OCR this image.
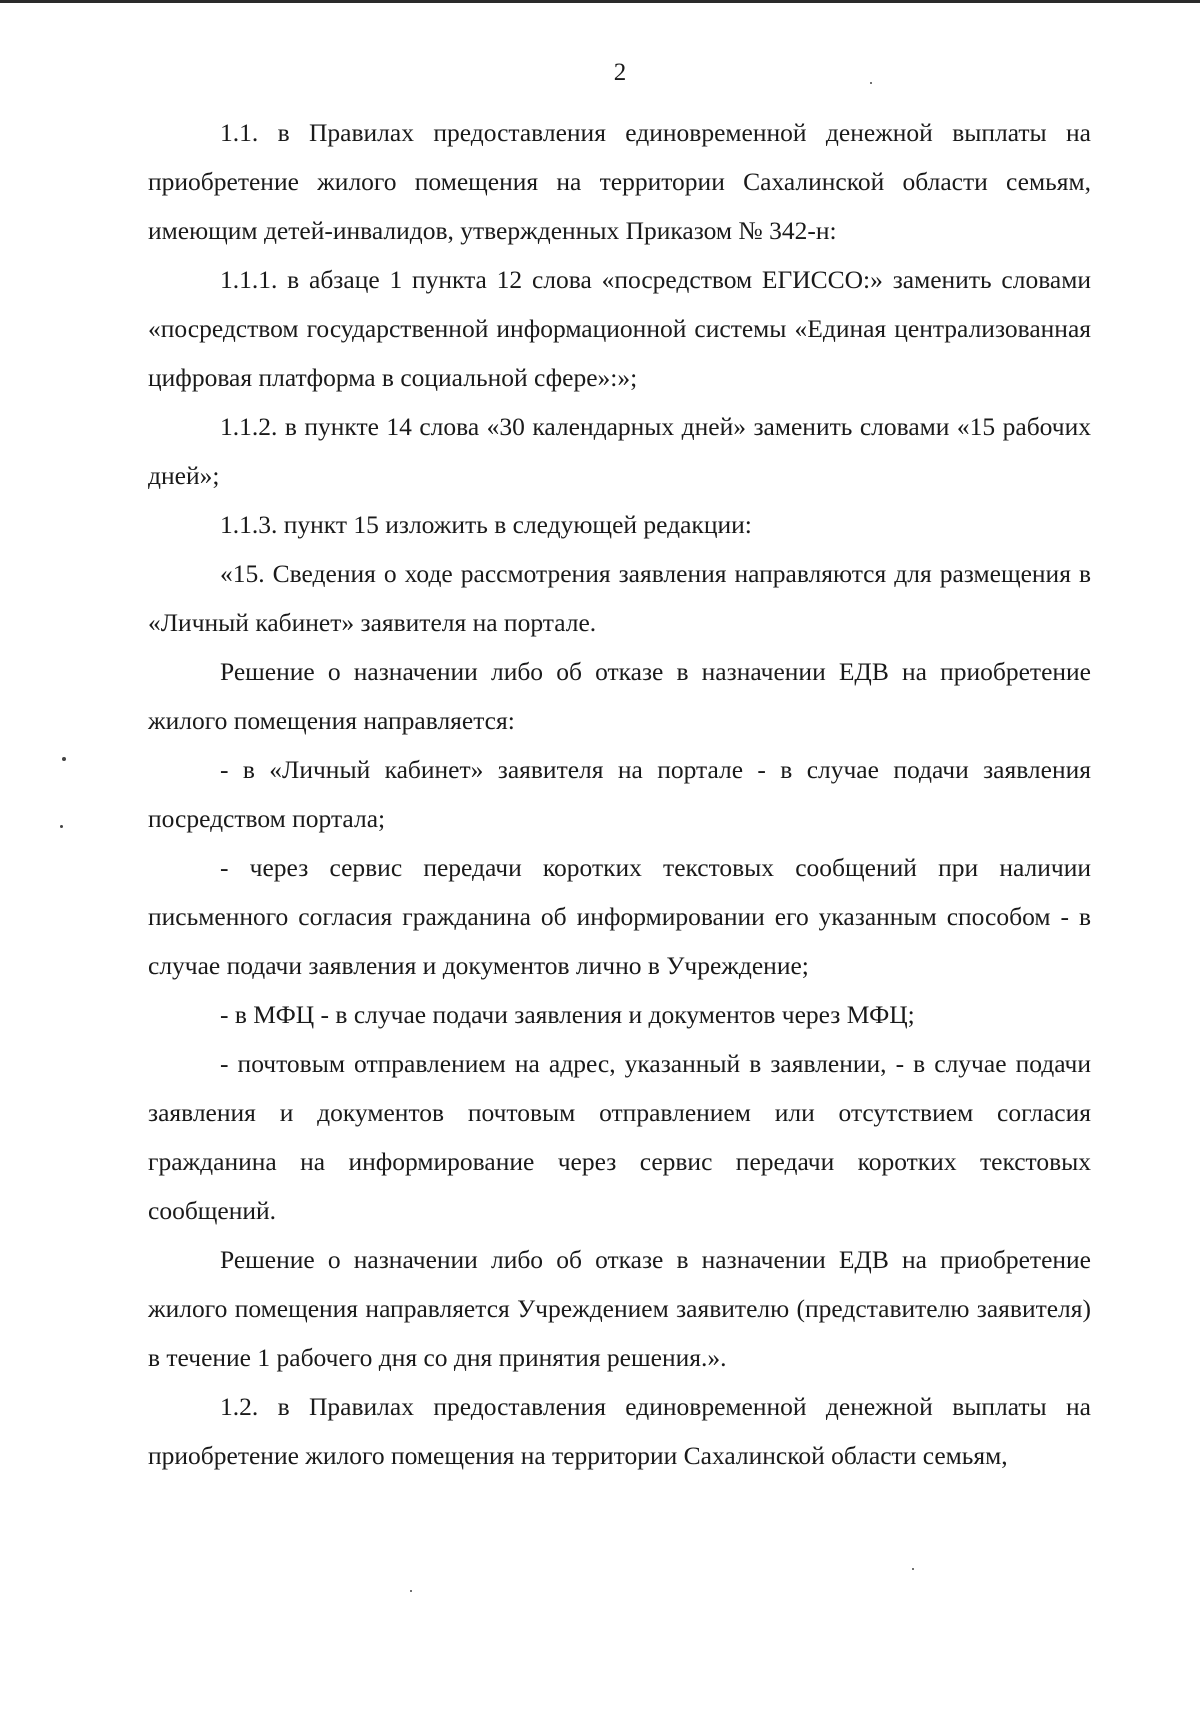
2

1.1. в Правилах предоставления единовременной денежной выплаты на приобретение жилого помещения на территории Сахалинской области семьям, имеющим детей-инвалидов, утвержденных Приказом № 342-н:

1.1.1. в абзаце 1 пункта 12 слова «посредством ЕГИССО:» заменить словами «посредством государственной информационной системы «Единая централизованная цифровая платформа в социальной сфере»:»;

1.1.2. в пункте 14 слова «30 календарных дней» заменить словами «15 рабочих дней»;

1.1.3. пункт 15 изложить в следующей редакции:

«15. Сведения о ходе рассмотрения заявления направляются для размещения в «Личный кабинет» заявителя на портале.

Решение о назначении либо об отказе в назначении ЕДВ на приобретение жилого помещения направляется:

- в «Личный кабинет» заявителя на портале - в случае подачи заявления посредством портала;

- через сервис передачи коротких текстовых сообщений при наличии письменного согласия гражданина об информировании его указанным способом - в случае подачи заявления и документов лично в Учреждение;

- в МФЦ - в случае подачи заявления и документов через МФЦ;

- почтовым отправлением на адрес, указанный в заявлении, - в случае подачи заявления и документов почтовым отправлением или отсутствием согласия гражданина на информирование через сервис передачи коротких текстовых сообщений.

Решение о назначении либо об отказе в назначении ЕДВ на приобретение жилого помещения направляется Учреждением заявителю (представителю заявителя) в течение 1 рабочего дня со дня принятия решения.».

1.2. в Правилах предоставления единовременной денежной выплаты на приобретение жилого помещения на территории Сахалинской области семьям,
